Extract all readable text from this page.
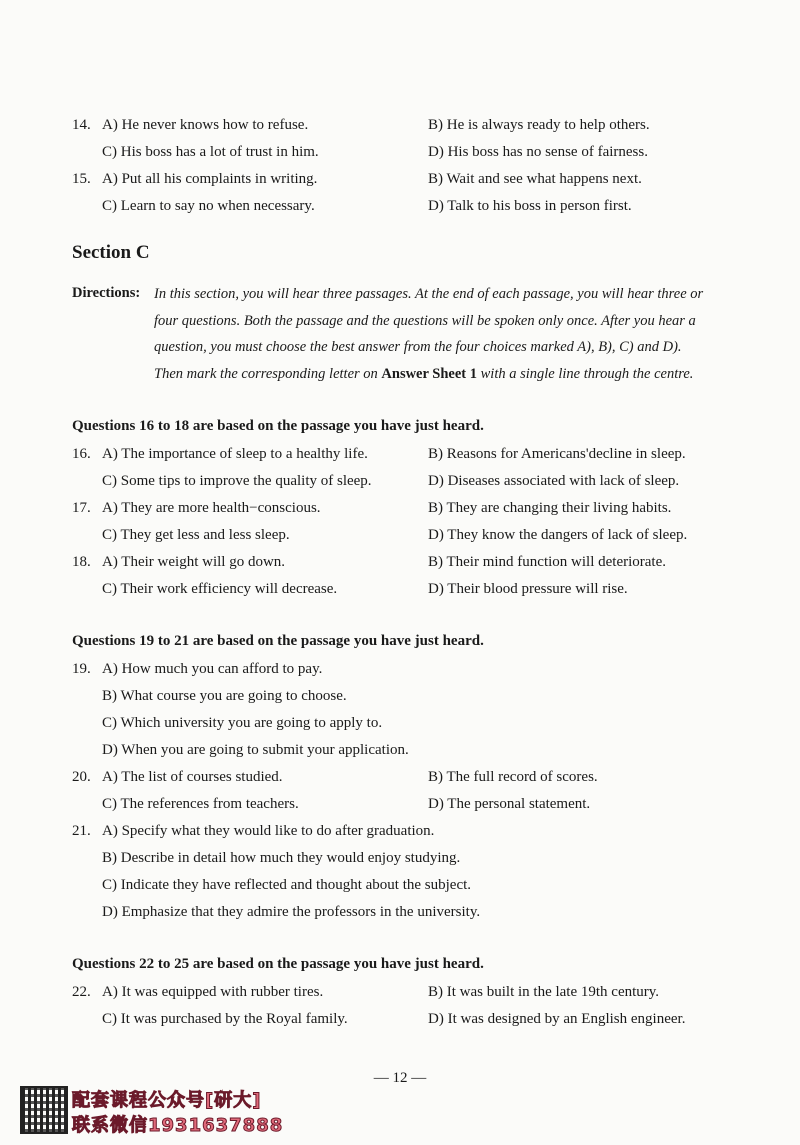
14. A) He never knows how to refuse.	B) He is always ready to help others.
C) His boss has a lot of trust in him.	D) His boss has no sense of fairness.
15. A) Put all his complaints in writing.	B) Wait and see what happens next.
C) Learn to say no when necessary.	D) Talk to his boss in person first.
Section C
Directions: In this section, you will hear three passages. At the end of each passage, you will hear three or
four questions. Both the passage and the questions will be spoken only once. After you hear a
question, you must choose the best answer from the four choices marked A), B), C) and D).
Then mark the corresponding letter on Answer Sheet 1 with a single line through the centre.
Questions 16 to 18 are based on the passage you have just heard.
16. A) The importance of sleep to a healthy life.	B) Reasons for Americans'decline in sleep.
C) Some tips to improve the quality of sleep.	D) Diseases associated with lack of sleep.
17. A) They are more health−conscious.	B) They are changing their living habits.
C) They get less and less sleep.	D) They know the dangers of lack of sleep.
18. A) Their weight will go down.	B) Their mind function will deteriorate.
C) Their work efficiency will decrease.	D) Their blood pressure will rise.
Questions 19 to 21 are based on the passage you have just heard.
19. A) How much you can afford to pay.
B) What course you are going to choose.
C) Which university you are going to apply to.
D) When you are going to submit your application.
20. A) The list of courses studied.	B) The full record of scores.
C) The references from teachers.	D) The personal statement.
21. A) Specify what they would like to do after graduation.
B) Describe in detail how much they would enjoy studying.
C) Indicate they have reflected and thought about the subject.
D) Emphasize that they admire the professors in the university.
Questions 22 to 25 are based on the passage you have just heard.
22. A) It was equipped with rubber tires.	B) It was built in the late 19th century.
C) It was purchased by the Royal family.	D) It was designed by an English engineer.
— 12 —
配套课程公众号[研大]
联系微信1931637888
